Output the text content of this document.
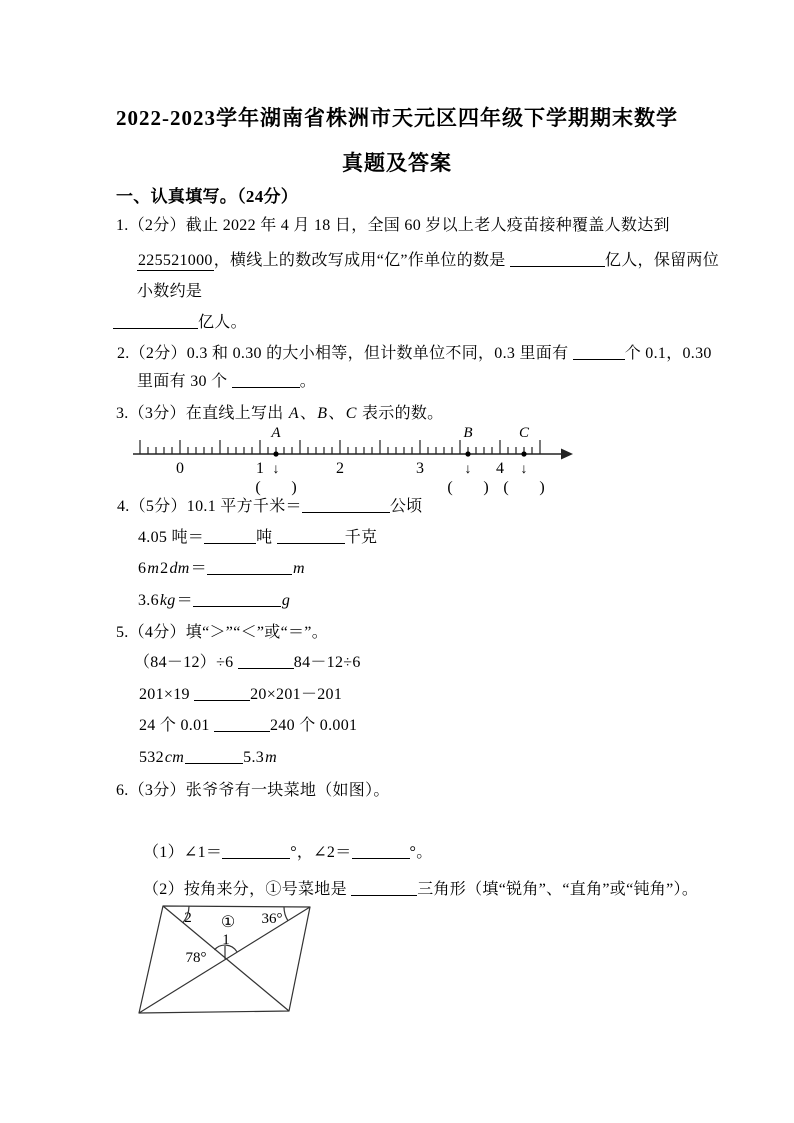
2022-2023学年湖南省株洲市天元区四年级下学期期末数学
真题及答案
一、认真填写。（24分）
1.（2分）截止 2022 年 4 月 18 日，全国 60 岁以上老人疫苗接种覆盖人数达到
225521000，横线上的数改写成用“亿”作单位的数是	亿人，保留两位
小数约是
亿人。
2.（2分）0.3 和 0.30 的大小相等，但计数单位不同，0.3 里面有	个 0.1，0.30
里面有 30 个	。
3.（3分）在直线上写出 A、B、C 表示的数。
0	1	2	3	4
A
↓
( )
B
↓
( )
C
↓
( )
4.（5分）10.1 平方千米＝	公顷
4.05 吨＝	吨	千克
6m2dm＝	m
3.6kg＝	g
5.（4分）填“＞”“＜”或“＝”。
（84－12）÷6	84－12÷6
201×19	20×201－201
24 个 0.01	240 个 0.001
532cm	5.3m
6.（3分）张爷爷有一块菜地（如图）。
（1）∠1＝	°，∠2＝	°。
（2）按角来分，①号菜地是	三角形（填“锐角”、“直角”或“钝角”）。
2 ① 36°
1
78°
